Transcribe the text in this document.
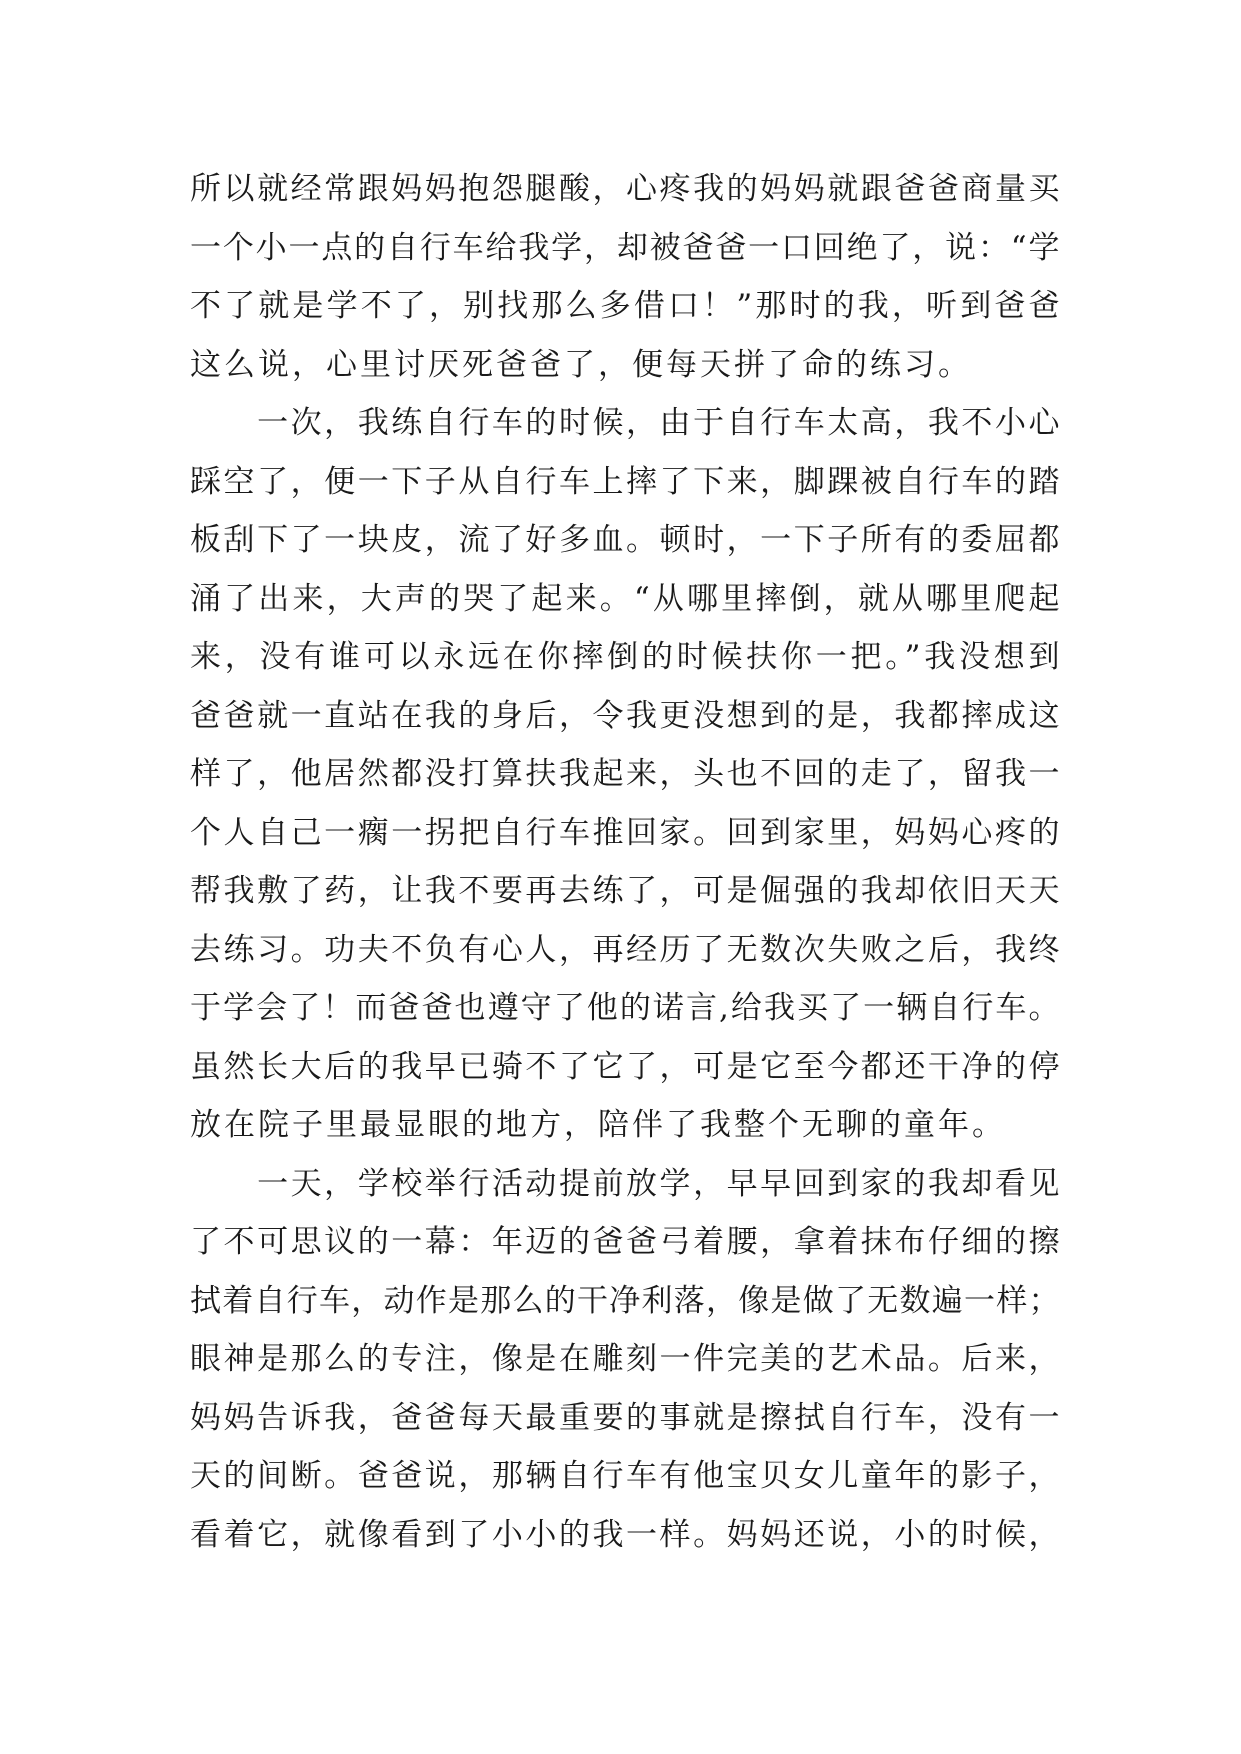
所以就经常跟妈妈抱怨腿酸，心疼我的妈妈就跟爸爸商量买
一个小一点的自行车给我学，却被爸爸一口回绝了，说：“学
不了就是学不了，别找那么多借口！”那时的我，听到爸爸
这么说，心里讨厌死爸爸了，便每天拼了命的练习。
　　一次，我练自行车的时候，由于自行车太高，我不小心
踩空了，便一下子从自行车上摔了下来，脚踝被自行车的踏
板刮下了一块皮，流了好多血。顿时，一下子所有的委屈都
涌了出来，大声的哭了起来。“从哪里摔倒，就从哪里爬起
来，没有谁可以永远在你摔倒的时候扶你一把。”我没想到
爸爸就一直站在我的身后，令我更没想到的是，我都摔成这
样了，他居然都没打算扶我起来，头也不回的走了，留我一
个人自己一瘸一拐把自行车推回家。回到家里，妈妈心疼的
帮我敷了药，让我不要再去练了，可是倔强的我却依旧天天
去练习。功夫不负有心人，再经历了无数次失败之后，我终
于学会了！而爸爸也遵守了他的诺言,给我买了一辆自行车。
虽然长大后的我早已骑不了它了，可是它至今都还干净的停
放在院子里最显眼的地方，陪伴了我整个无聊的童年。
　　一天，学校举行活动提前放学，早早回到家的我却看见
了不可思议的一幕：年迈的爸爸弓着腰，拿着抹布仔细的擦
拭着自行车，动作是那么的干净利落，像是做了无数遍一样；
眼神是那么的专注，像是在雕刻一件完美的艺术品。后来，
妈妈告诉我，爸爸每天最重要的事就是擦拭自行车，没有一
天的间断。爸爸说，那辆自行车有他宝贝女儿童年的影子，
看着它，就像看到了小小的我一样。妈妈还说，小的时候，
